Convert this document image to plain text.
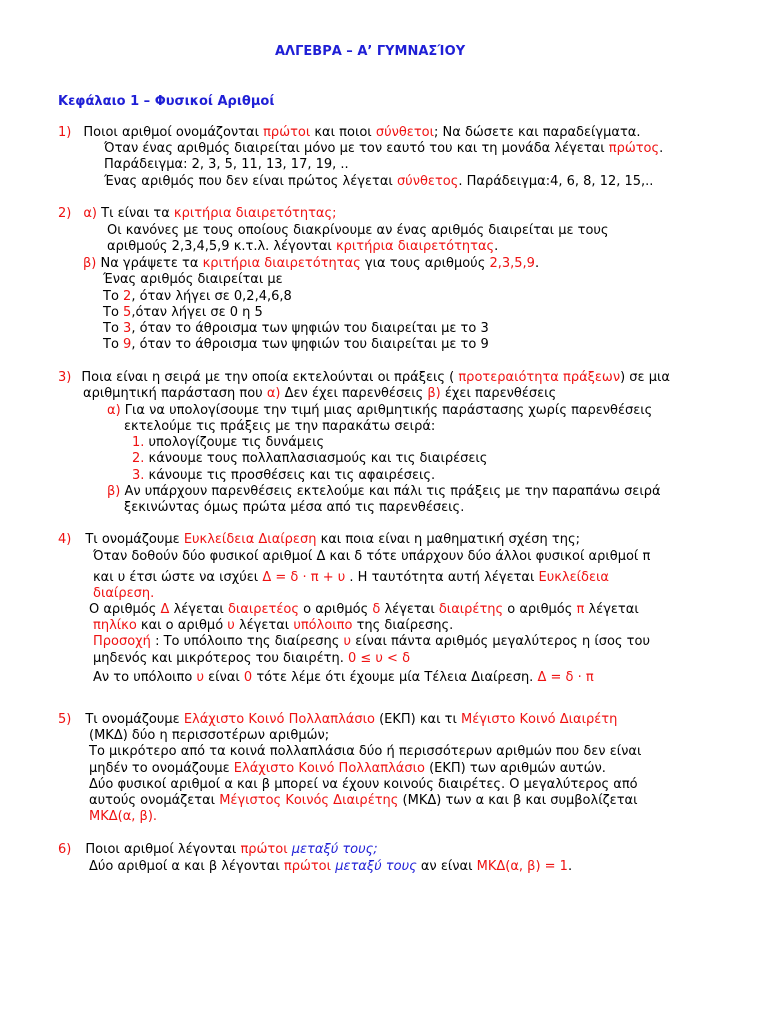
ΑΛΓΕΒΡΑ – Α’ ΓΥΜΝΑΣΊΟΥ
Κεφάλαιο 1 – Φυσικοί Αριθμοί
1) Ποιοι αριθμοί ονομάζονται πρώτοι και ποιοι σύνθετοι; Να δώσετε και παραδείγματα.
Όταν ένας αριθμός διαιρείται μόνο με τον εαυτό του και τη μονάδα λέγεται πρώτος.
Παράδειγμα: 2, 3, 5, 11, 13, 17, 19, ..
Ένας αριθμός που δεν είναι πρώτος λέγεται σύνθετος. Παράδειγμα:4, 6, 8, 12, 15,..
2) α) Τι είναι τα κριτήρια διαιρετότητας;
Οι κανόνες με τους οποίους διακρίνουμε αν ένας αριθμός διαιρείται με τους
αριθμούς 2,3,4,5,9 κ.τ.λ. λέγονται κριτήρια διαιρετότητας.
β) Να γράψετε τα κριτήρια διαιρετότητας για τους αριθμούς 2,3,5,9.
Ένας αριθμός διαιρείται με
Το 2, όταν λήγει σε 0,2,4,6,8
Το 5,όταν λήγει σε 0 η 5
Το 3, όταν το άθροισμα των ψηφιών του διαιρείται με το 3
Το 9, όταν το άθροισμα των ψηφιών του διαιρείται με το 9
3) Ποια είναι η σειρά με την οποία εκτελούνται οι πράξεις ( προτεραιότητα πράξεων) σε μια
αριθμητική παράσταση που α) Δεν έχει παρενθέσεις β) έχει παρενθέσεις
α) Για να υπολογίσουμε την τιμή μιας αριθμητικής παράστασης χωρίς παρενθέσεις
εκτελούμε τις πράξεις με την παρακάτω σειρά:
1. υπολογίζουμε τις δυνάμεις
2. κάνουμε τους πολλαπλασιασμούς και τις διαιρέσεις
3. κάνουμε τις προσθέσεις και τις αφαιρέσεις.
β) Αν υπάρχουν παρενθέσεις εκτελούμε και πάλι τις πράξεις με την παραπάνω σειρά
ξεκινώντας όμως πρώτα μέσα από τις παρενθέσεις.
4) Τι ονομάζουμε Ευκλείδεια Διαίρεση και ποια είναι η μαθηματική σχέση της;
Όταν δοθούν δύο φυσικοί αριθμοί Δ και δ τότε υπάρχουν δύο άλλοι φυσικοί αριθμοί π
και υ έτσι ώστε να ισχύει Δ = δ · π + υ . Η ταυτότητα αυτή λέγεται Ευκλείδεια
διαίρεση.
Ο αριθμός Δ λέγεται διαιρετέος ο αριθμός δ λέγεται διαιρέτης ο αριθμός π λέγεται
πηλίκο και ο αριθμό υ λέγεται υπόλοιπο της διαίρεσης.
Προσοχή : Το υπόλοιπο της διαίρεσης υ είναι πάντα αριθμός μεγαλύτερος η ίσος του
μηδενός και μικρότερος του διαιρέτη. 0 ≤ υ < δ
Αν το υπόλοιπο υ είναι 0 τότε λέμε ότι έχουμε μία Τέλεια Διαίρεση. Δ = δ · π
5) Τι ονομάζουμε Ελάχιστο Κοινό Πολλαπλάσιο (ΕΚΠ) και τι Μέγιστο Κοινό Διαιρέτη
(ΜΚΔ) δύο η περισσοτέρων αριθμών;
Το μικρότερο από τα κοινά πολλαπλάσια δύο ή περισσότερων αριθμών που δεν είναι
μηδέν το ονομάζουμε Ελάχιστο Κοινό Πολλαπλάσιο (ΕΚΠ) των αριθμών αυτών.
Δύο φυσικοί αριθμοί α και β μπορεί να έχουν κοινούς διαιρέτες. Ο μεγαλύτερος από
αυτούς ονομάζεται Μέγιστος Κοινός Διαιρέτης (ΜΚΔ) των α και β και συμβολίζεται
ΜΚΔ(α, β).
6) Ποιοι αριθμοί λέγονται πρώτοι μεταξύ τους;
Δύο αριθμοί α και β λέγονται πρώτοι μεταξύ τους αν είναι ΜΚΔ(α, β) = 1.
